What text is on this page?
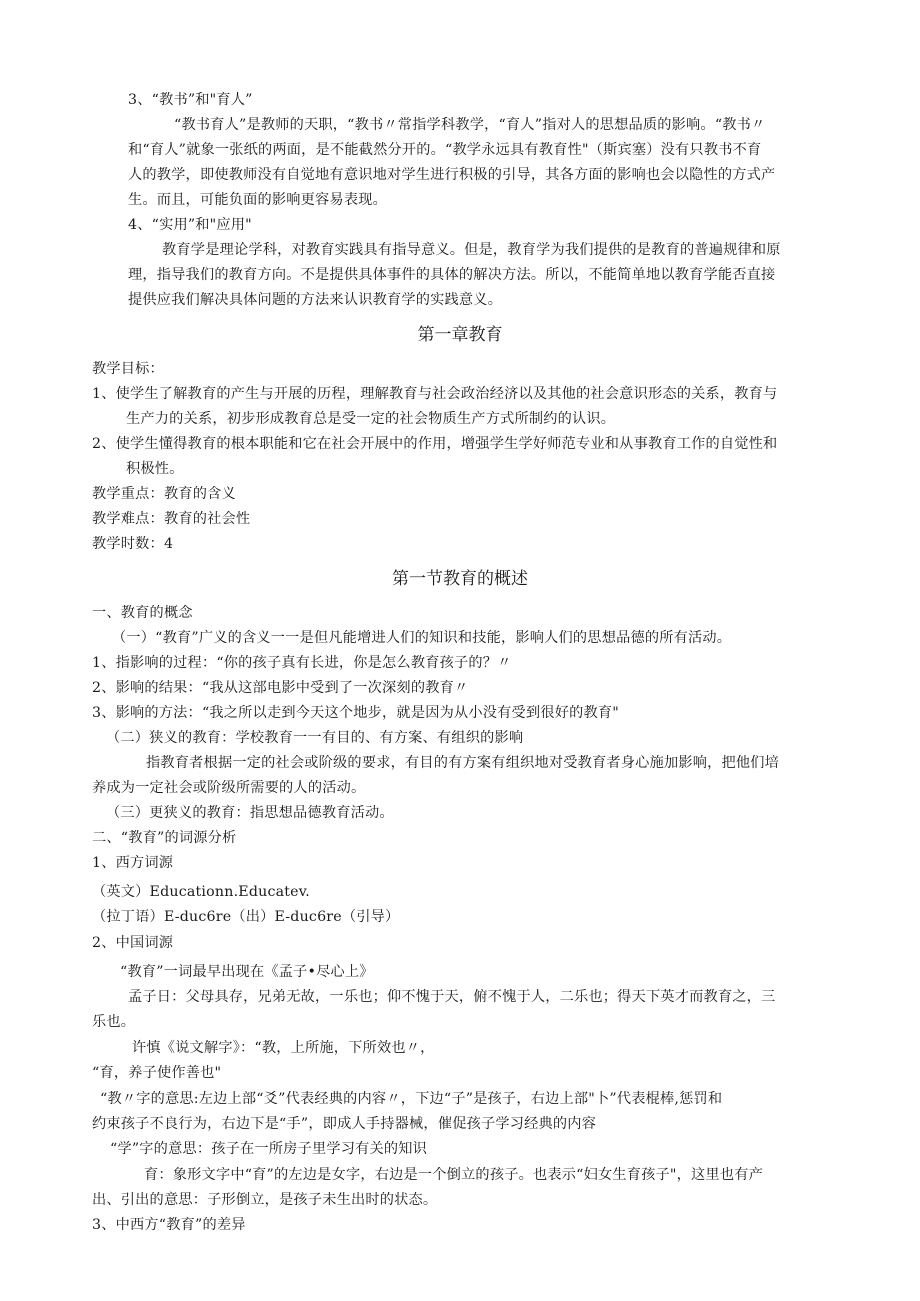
3、“教书”和"育人”
“教书育人”是教师的天职，“教书〃常指学科教学，“育人”指对人的思想品质的影响。“教书〃
和“育人”就象一张纸的两面，是不能截然分开的。“教学永远具有教育性"（斯宾塞）没有只教书不育
人的教学，即使教师没有自觉地有意识地对学生进行积极的引导，其各方面的影响也会以隐性的方式产
生。而且，可能负面的影响更容易表现。
4、“实用”和"应用"
教育学是理论学科，对教育实践具有指导意义。但是，教育学为我们提供的是教育的普遍规律和原
理，指导我们的教育方向。不是提供具体事件的具体的解决方法。所以，不能简单地以教育学能否直接
提供应我们解决具体问题的方法来认识教育学的实践意义。
第一章教育
教学目标：
1、使学生了解教育的产生与开展的历程，理解教育与社会政治经济以及其他的社会意识形态的关系，教育与
生产力的关系，初步形成教育总是受一定的社会物质生产方式所制约的认识。
2、使学生懂得教育的根本职能和它在社会开展中的作用，增强学生学好师范专业和从事教育工作的自觉性和
积极性。
教学重点：教育的含义
教学难点：教育的社会性
教学时数：4
第一节教育的概述
一、教育的概念
（一）“教育”广义的含义一一是但凡能增进人们的知识和技能，影响人们的思想品德的所有活动。
1、指影响的过程：“你的孩子真有长进，你是怎么教育孩子的？〃
2、影响的结果：“我从这部电影中受到了一次深刻的教育〃
3、影响的方法：“我之所以走到今天这个地步，就是因为从小没有受到很好的教育"
（二）狭义的教育：学校教育一一有目的、有方案、有组织的影响
指教育者根据一定的社会或阶级的要求，有目的有方案有组织地对受教育者身心施加影响，把他们培
养成为一定社会或阶级所需要的人的活动。
（三）更狭义的教育：指思想品德教育活动。
二、“教育”的词源分析
1、西方词源
（英文）Educationn.Educatev.
（拉丁语）E-duc6re（出）E-duc6re（引导）
2、中国词源
“教育”一词最早出现在《孟子•尽心上》
孟子日：父母具存，兄弟无故，一乐也；仰不愧于天，俯不愧于人，二乐也；得天下英才而教育之，三
乐也。
许慎《说文解字》：“教，上所施，下所效也〃，
“育，养子使作善也"
“教〃字的意思:左边上部“爻”代表经典的内容〃，下边“子”是孩子，右边上部"卜”代表棍棒,惩罚和
约束孩子不良行为，右边下是“手”，即成人手持器械，催促孩子学习经典的内容
“学”字的意思：孩子在一所房子里学习有关的知识
育：象形文字中“育”的左边是女字，右边是一个倒立的孩子。也表示“妇女生育孩子"，这里也有产
出、引出的意思：子形倒立，是孩子未生出时的状态。
3、中西方“教育”的差异
